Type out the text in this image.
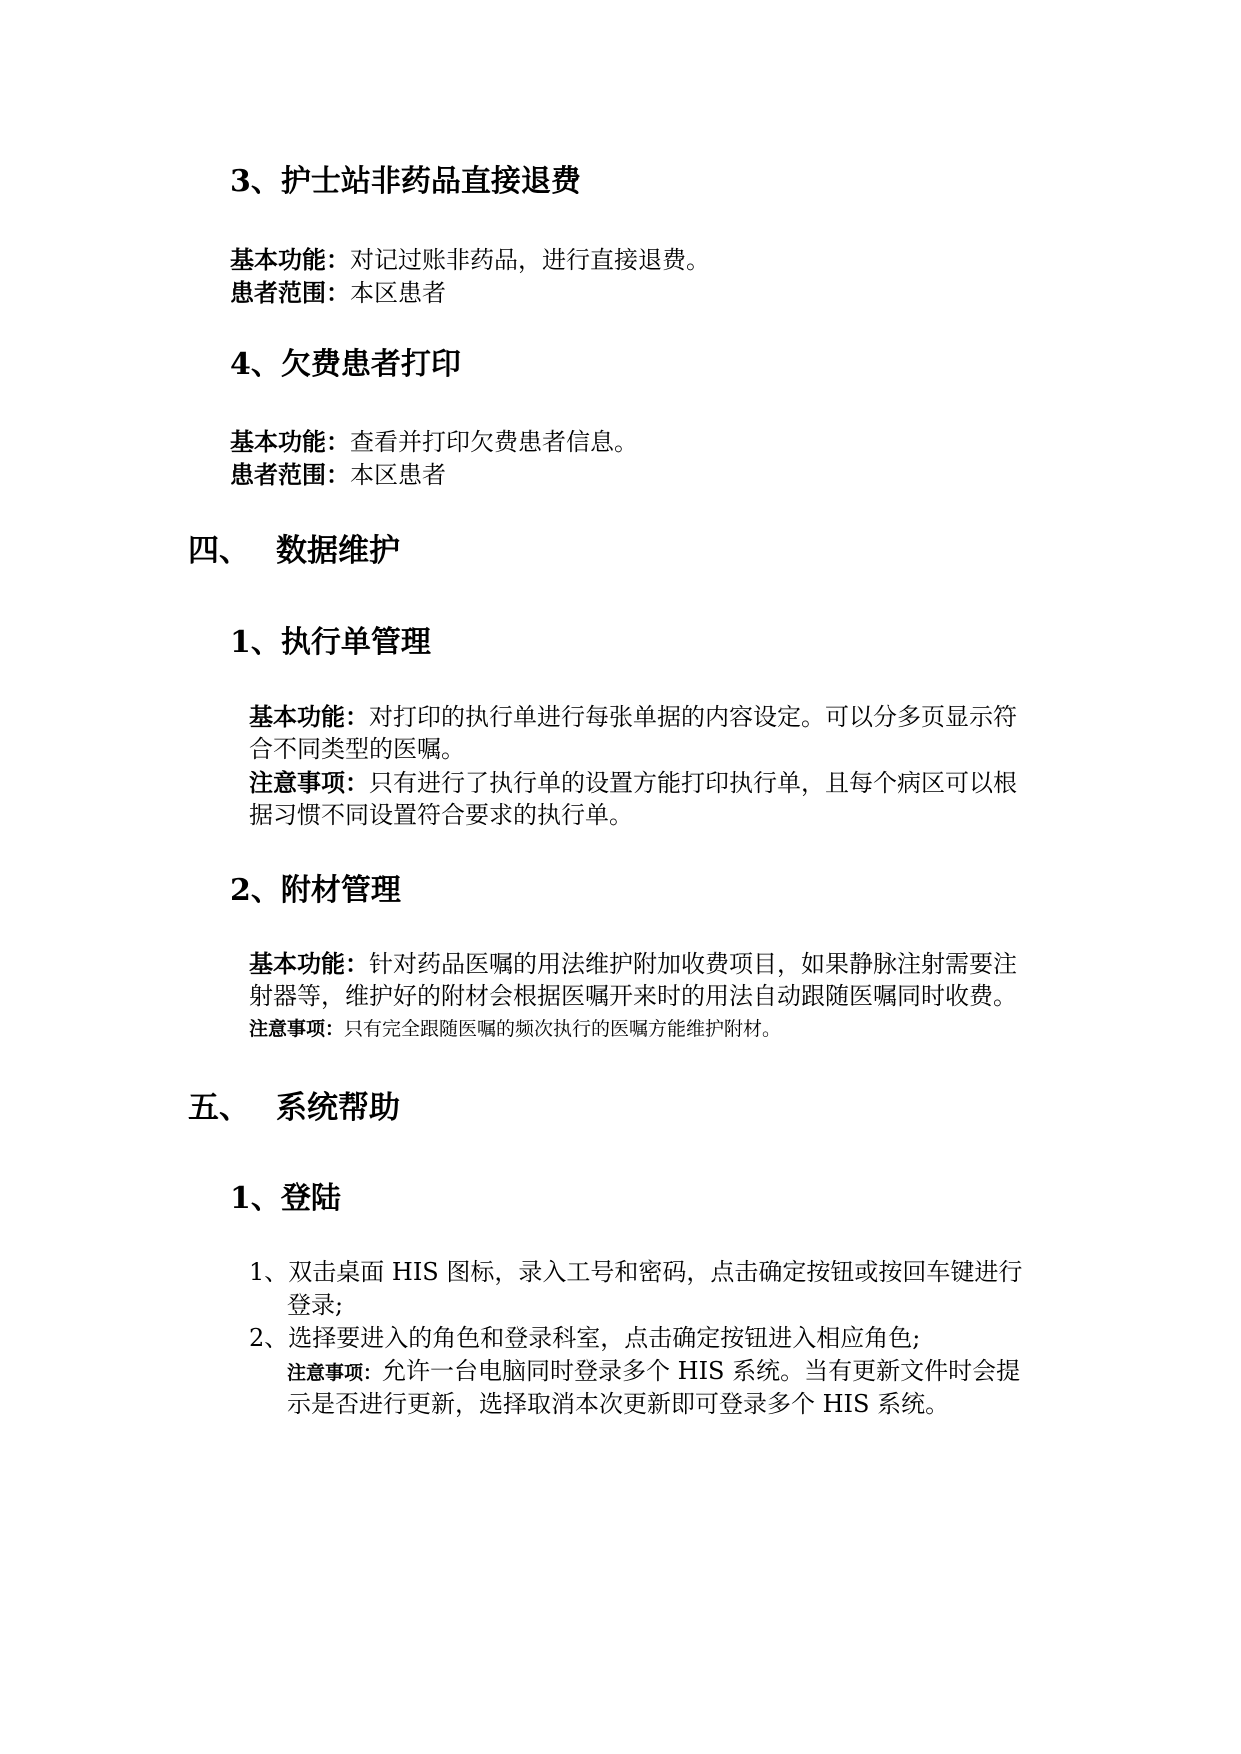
3、护士站非药品直接退费
基本功能：对记过账非药品，进行直接退费。
患者范围：本区患者
4、欠费患者打印
基本功能：查看并打印欠费患者信息。
患者范围：本区患者
四、 数据维护
1、执行单管理
基本功能：对打印的执行单进行每张单据的内容设定。可以分多页显示符
合不同类型的医嘱。
注意事项：只有进行了执行单的设置方能打印执行单，且每个病区可以根
据习惯不同设置符合要求的执行单。
2、附材管理
基本功能：针对药品医嘱的用法维护附加收费项目，如果静脉注射需要注
射器等，维护好的附材会根据医嘱开来时的用法自动跟随医嘱同时收费。
注意事项：只有完全跟随医嘱的频次执行的医嘱方能维护附材。
五、 系统帮助
1、登陆
1、双击桌面 HIS 图标，录入工号和密码，点击确定按钮或按回车键进行
登录;
2、选择要进入的角色和登录科室，点击确定按钮进入相应角色;
注意事项：允许一台电脑同时登录多个 HIS 系统。当有更新文件时会提
示是否进行更新，选择取消本次更新即可登录多个 HIS 系统。
